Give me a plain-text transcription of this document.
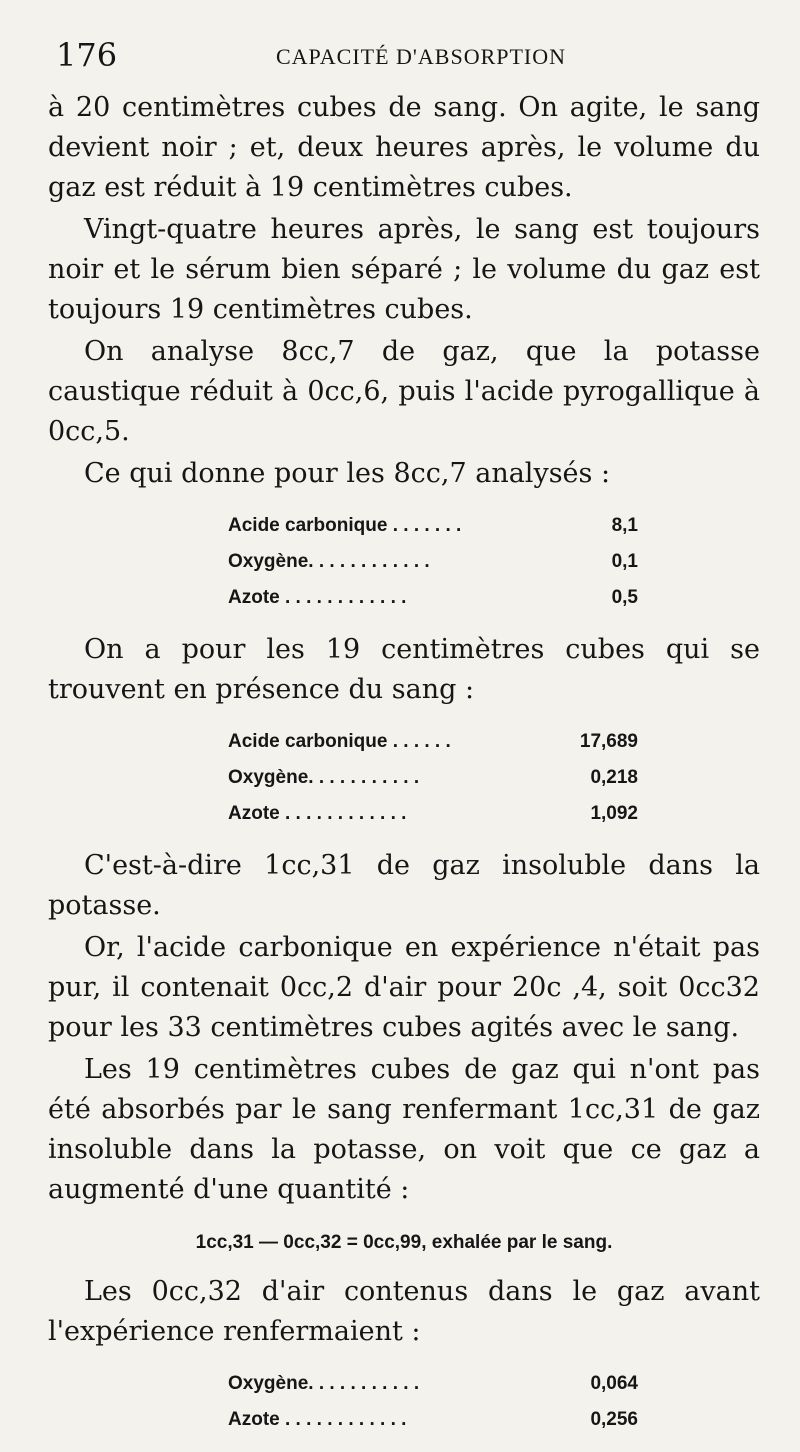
176	CAPACITÉ D'ABSORPTION

à 20 centimètres cubes de sang. On agite, le sang devient noir ; et, deux heures après, le volume du gaz est réduit à 19 centimètres cubes.

Vingt-quatre heures après, le sang est toujours noir et le sérum bien séparé ; le volume du gaz est toujours 19 centimètres cubes.

On analyse 8cc,7 de gaz, que la potasse caustique réduit à 0cc,6, puis l'acide pyrogallique à 0cc,5.

Ce qui donne pour les 8cc,7 analysés :

Acide carbonique . . . . . . .	8,1
Oxygène. . . . . . . . . . . .	0,1
Azote . . . . . . . . . . . .	0,5

On a pour les 19 centimètres cubes qui se trouvent en présence du sang :

Acide carbonique . . . . . .	17,689
Oxygène. . . . . . . . . . .	0,218
Azote . . . . . . . . . . . .	1,092

C'est-à-dire 1cc,31 de gaz insoluble dans la potasse.

Or, l'acide carbonique en expérience n'était pas pur, il contenait 0cc,2 d'air pour 20c ,4, soit 0cc32 pour les 33 centimètres cubes agités avec le sang.

Les 19 centimètres cubes de gaz qui n'ont pas été absorbés par le sang renfermant 1cc,31 de gaz insoluble dans la potasse, on voit que ce gaz a augmenté d'une quantité :

1cc,31 — 0cc,32 = 0cc,99, exhalée par le sang.

Les 0cc,32 d'air contenus dans le gaz avant l'expérience renfermaient :

Oxygène. . . . . . . . . . .	0,064
Azote . . . . . . . . . . . .	0,256
